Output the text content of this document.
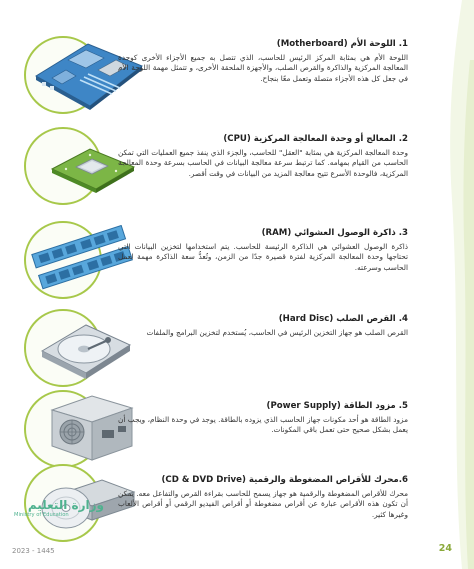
1. اللوحة الأم (Motherboard)

اللوحة الأم هي بمثابة المركز الرئيس للحاسب، الذي تتصل به جميع الأجزاء الأخرى كوحدة المعالجة المركزية والذاكرة والقرص الصلب، والأجهزة الملحقة الأخرى، و تتمثل مهمة اللوحة الأم في جعل كل هذه الأجزاء متصلة وتعمل معًا بنجاح.

2. المعالج أو وحدة المعالجة المركزية (CPU)

وحدة المعالجة المركزية هي بمثابة "العقل" للحاسب، والجزء الذي ينفذ جميع العمليات التي تمكن الحاسب من القيام بمهامه. كما ترتبط سرعة معالجة البيانات في الحاسب بسرعة وحدة المعالجة المركزية، فالوحدة الأسرع تتيح معالجة المزيد من البيانات في وقت أقصر.

3. ذاكرة الوصول العشوائي (RAM)

ذاكرة الوصول العشوائي هي الذاكرة الرئيسة للحاسب. يتم استخدامها لتخزين البيانات التي تحتاجها وحدة المعالجة المركزية لفترة قصيرة جدًا من الزمن، وتُعدُّ سعة الذاكرة مهمة لعمل الحاسب وسرعته.

4. القرص الصلب (Hard Disc)

القرص الصلب هو جهاز التخزين الرئيس في الحاسب، يُستخدم لتخزين البرامج والملفات

5. مزود الطاقة (Power Supply)

مزود الطاقة هو أحد مكونات جهاز الحاسب الذي يزوده بالطاقة. يوجد في وحدة النظام، ويجب أن يعمل بشكل صحيح حتى تعمل باقي المكونات.

6.محرك للأقراص المضغوطة والرقمية (CD & DVD Drive)

محرك للأقراص المضغوطة والرقمية هو جهاز يسمح للحاسب بقراءة القرص والتفاعل معه. يمكن أن تكون هذه الأقراص عبارة عن أقراص مضغوطة أو أقراص الفيديو الرقمي أو أقراص الألعاب وغيرها كثير.

وزارة التعليم
Ministry of Education
2023 - 1445	24
